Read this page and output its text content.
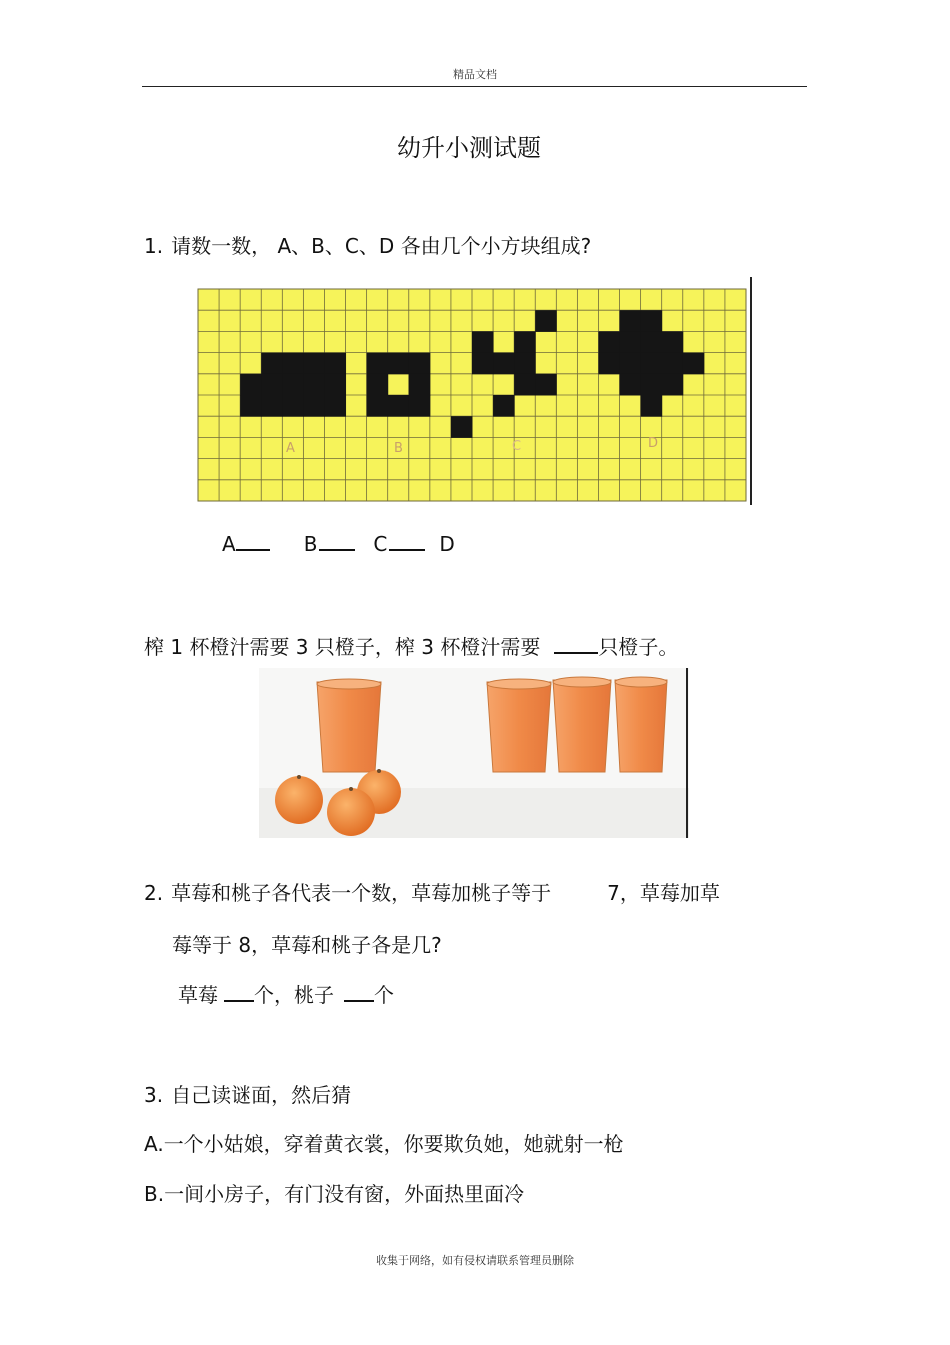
精品文档
幼升小测试题
1. 请数一数， A、B、C、D 各由几个小方块组成?
A	B	C	D
A	B	C	D
榨 1 杯橙汁需要 3 只橙子，榨 3 杯橙汁需要	只橙子。
2. 草莓和桃子各代表一个数，草莓加桃子等于	7，草莓加草
莓等于 8，草莓和桃子各是几?
草莓 个，桃子 个
3. 自己读谜面，然后猜
A.一个小姑娘，穿着黄衣裳，你要欺负她，她就射一枪
B.一间小房子，有门没有窗，外面热里面冷
收集于网络，如有侵权请联系管理员删除
